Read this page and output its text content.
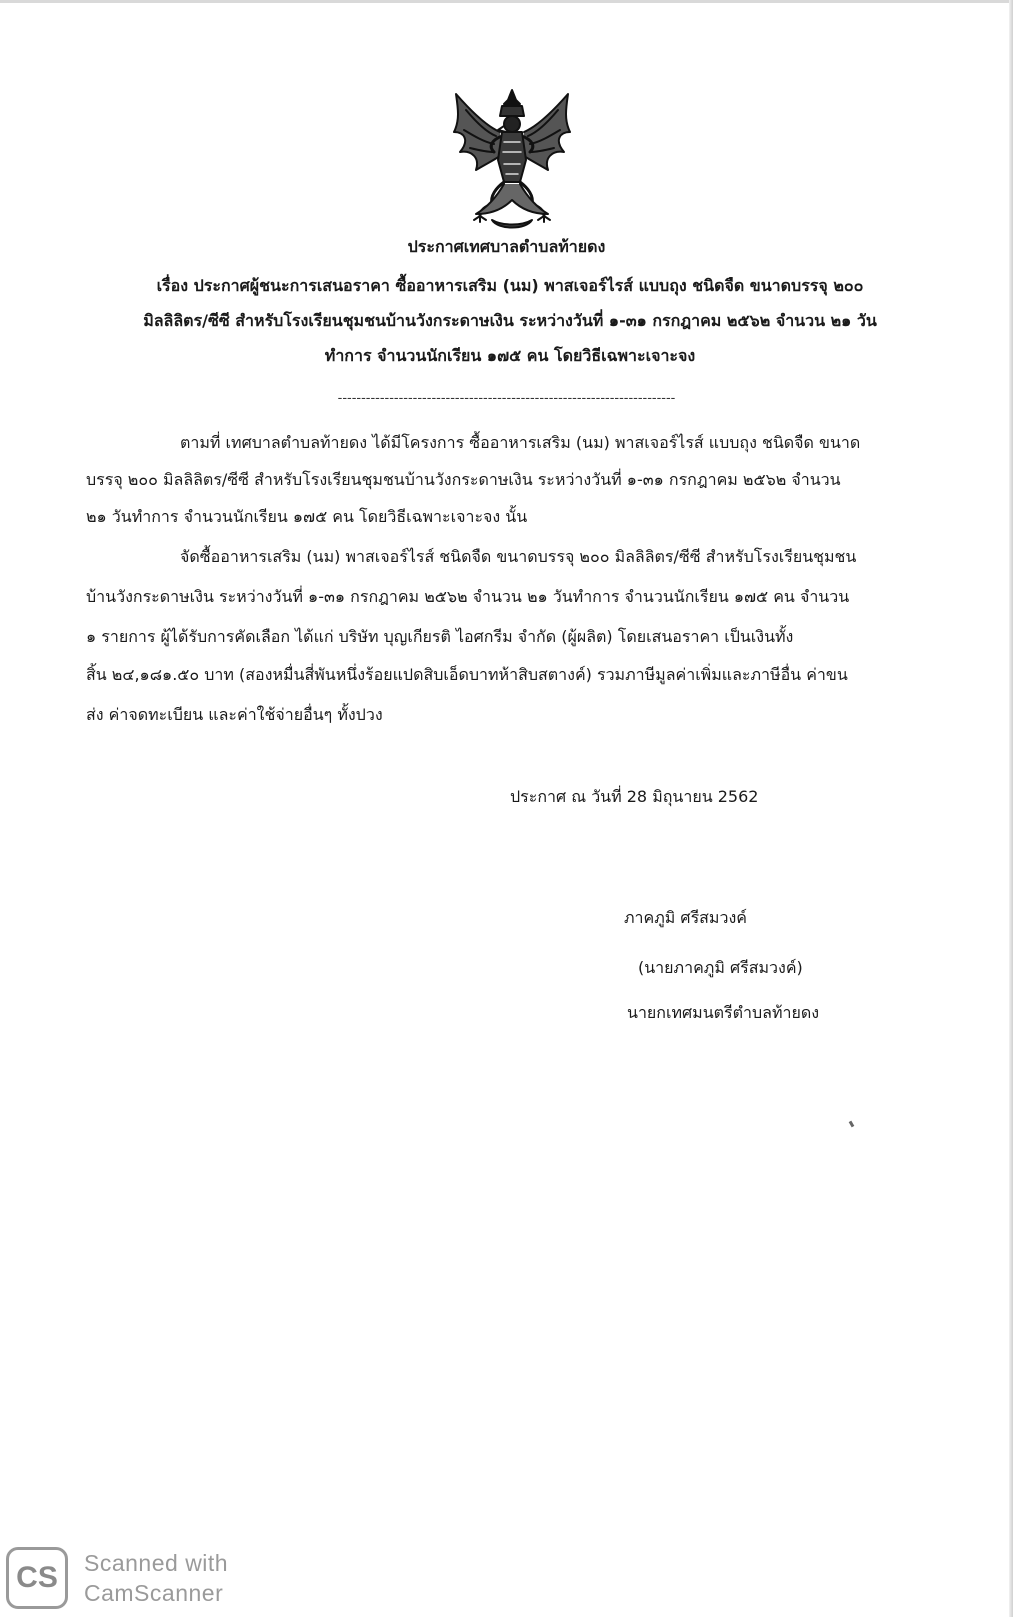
ประกาศเทศบาลตำบลท้ายดง
เรื่อง ประกาศผู้ชนะการเสนอราคา ซื้ออาหารเสริม (นม) พาสเจอร์ไรส์ แบบถุง ชนิดจืด ขนาดบรรจุ ๒๐๐
มิลลิลิตร/ซีซี สำหรับโรงเรียนชุมชนบ้านวังกระดาษเงิน ระหว่างวันที่ ๑-๓๑ กรกฎาคม ๒๕๖๒ จำนวน ๒๑ วัน
ทำการ จำนวนนักเรียน ๑๗๕ คน โดยวิธีเฉพาะเจาะจง
------------------------------------------------------------------------
ตามที่ เทศบาลตำบลท้ายดง ได้มีโครงการ ซื้ออาหารเสริม (นม) พาสเจอร์ไรส์ แบบถุง ชนิดจืด ขนาด
บรรจุ ๒๐๐ มิลลิลิตร/ซีซี สำหรับโรงเรียนชุมชนบ้านวังกระดาษเงิน ระหว่างวันที่ ๑-๓๑ กรกฎาคม ๒๕๖๒ จำนวน
๒๑ วันทำการ จำนวนนักเรียน ๑๗๕ คน โดยวิธีเฉพาะเจาะจง นั้น
จัดซื้ออาหารเสริม (นม) พาสเจอร์ไรส์ ชนิดจืด ขนาดบรรจุ ๒๐๐ มิลลิลิตร/ซีซี สำหรับโรงเรียนชุมชน
บ้านวังกระดาษเงิน ระหว่างวันที่ ๑-๓๑ กรกฎาคม ๒๕๖๒ จำนวน ๒๑ วันทำการ จำนวนนักเรียน ๑๗๕ คน จำนวน
๑ รายการ ผู้ได้รับการคัดเลือก ได้แก่ บริษัท บุญเกียรติ ไอศกรีม จำกัด (ผู้ผลิต) โดยเสนอราคา เป็นเงินทั้ง
สิ้น ๒๔,๑๘๑.๕๐ บาท (สองหมื่นสี่พันหนึ่งร้อยแปดสิบเอ็ดบาทห้าสิบสตางค์) รวมภาษีมูลค่าเพิ่มและภาษีอื่น ค่าขน
ส่ง ค่าจดทะเบียน และค่าใช้จ่ายอื่นๆ ทั้งปวง
ประกาศ ณ วันที่ 28 มิถุนายน 2562
ภาคภูมิ ศรีสมวงค์
(นายภาคภูมิ ศรีสมวงค์)
นายกเทศมนตรีตำบลท้ายดง
CS	Scanned with
CamScanner
